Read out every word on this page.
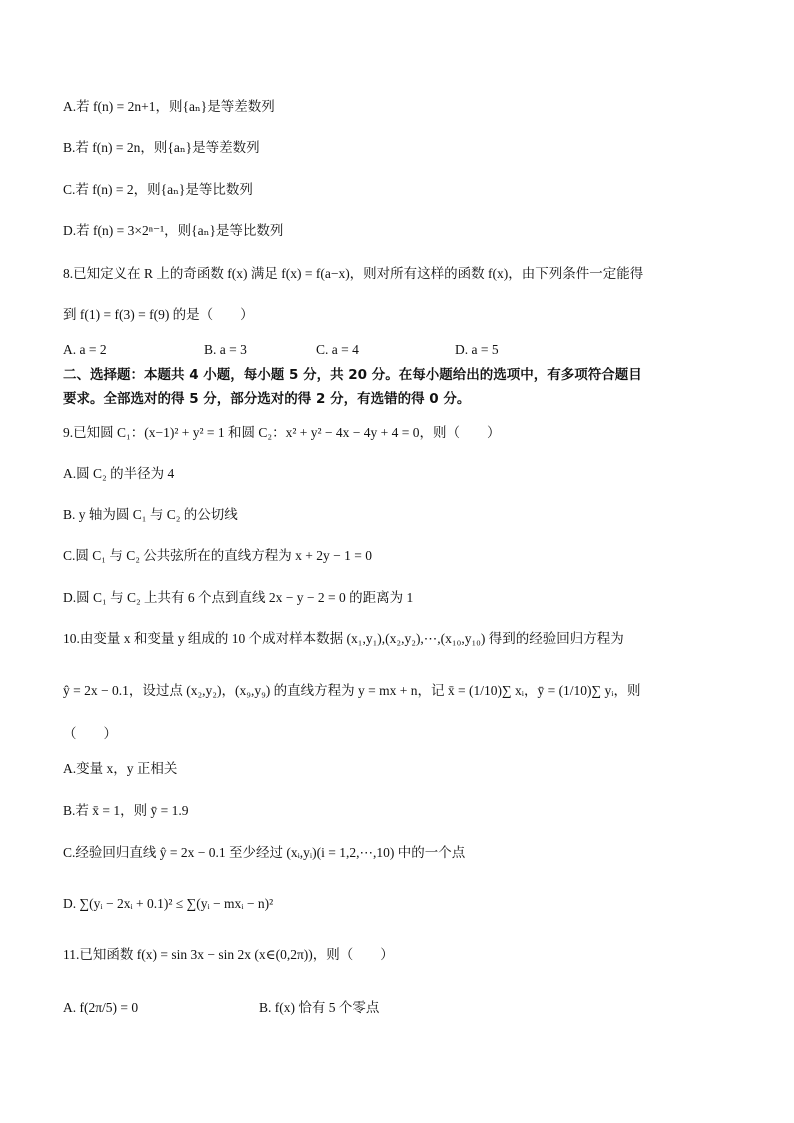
A.若 f(n) = 2n+1，则{aₙ}是等差数列
B.若 f(n) = 2n，则{aₙ}是等差数列
C.若 f(n) = 2，则{aₙ}是等比数列
D.若 f(n) = 3×2ⁿ⁻¹，则{aₙ}是等比数列
8.已知定义在 R 上的奇函数 f(x) 满足 f(x) = f(a−x)，则对所有这样的函数 f(x)，由下列条件一定能得
到 f(1) = f(3) = f(9) 的是（　　）
A. a = 2	B. a = 3	C. a = 4	D. a = 5
二、选择题：本题共 4 小题，每小题 5 分，共 20 分。在每小题给出的选项中，有多项符合题目
要求。全部选对的得 5 分，部分选对的得 2 分，有选错的得 0 分。
9.已知圆 C₁：(x−1)² + y² = 1 和圆 C₂：x² + y² − 4x − 4y + 4 = 0，则（　　）
A.圆 C₂ 的半径为 4
B. y 轴为圆 C₁ 与 C₂ 的公切线
C.圆 C₁ 与 C₂ 公共弦所在的直线方程为 x + 2y − 1 = 0
D.圆 C₁ 与 C₂ 上共有 6 个点到直线 2x − y − 2 = 0 的距离为 1
10.由变量 x 和变量 y 组成的 10 个成对样本数据 (x₁,y₁),(x₂,y₂),⋯,(x₁₀,y₁₀) 得到的经验回归方程为
ŷ = 2x − 0.1，设过点 (x₂,y₂)，(x₉,y₉) 的直线方程为 y = mx + n，记 x̄ = (1/10)∑ xᵢ，ȳ = (1/10)∑ yᵢ，则
（　　）
A.变量 x，y 正相关
B.若 x̄ = 1，则 ȳ = 1.9
C.经验回归直线 ŷ = 2x − 0.1 至少经过 (xᵢ,yᵢ)(i = 1,2,⋯,10) 中的一个点
D. ∑(yᵢ − 2xᵢ + 0.1)² ≤ ∑(yᵢ − mxᵢ − n)²
11.已知函数 f(x) = sin 3x − sin 2x (x∈(0,2π))，则（　　）
A. f(2π/5) = 0	B. f(x) 恰有 5 个零点
